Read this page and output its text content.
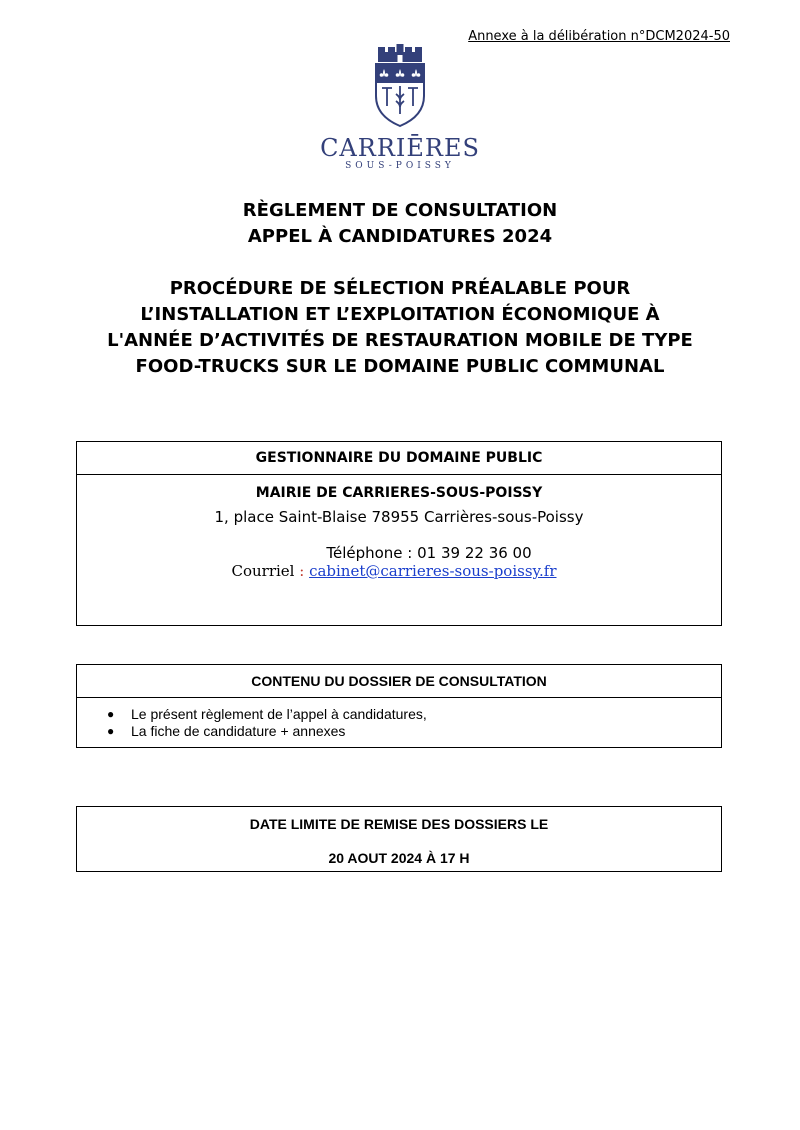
Annexe à la délibération n°DCM2024-50
CARRIĒRES
SOUS-POISSY
RÈGLEMENT DE CONSULTATION
APPEL À CANDIDATURES 2024
PROCÉDURE DE SÉLECTION PRÉALABLE POUR
L’INSTALLATION ET L’EXPLOITATION ÉCONOMIQUE À
L'ANNÉE D’ACTIVITÉS DE RESTAURATION MOBILE DE TYPE
FOOD-TRUCKS SUR LE DOMAINE PUBLIC COMMUNAL
GESTIONNAIRE DU DOMAINE PUBLIC
MAIRIE DE CARRIERES-SOUS-POISSY
1, place Saint-Blaise 78955 Carrières-sous-Poissy
Téléphone : 01 39 22 36 00
Courriel : cabinet@carrieres-sous-poissy.fr
CONTENU DU DOSSIER DE CONSULTATION
● Le présent règlement de l’appel à candidatures,
● La fiche de candidature + annexes
DATE LIMITE DE REMISE DES DOSSIERS LE
20 AOUT 2024 À 17 H
